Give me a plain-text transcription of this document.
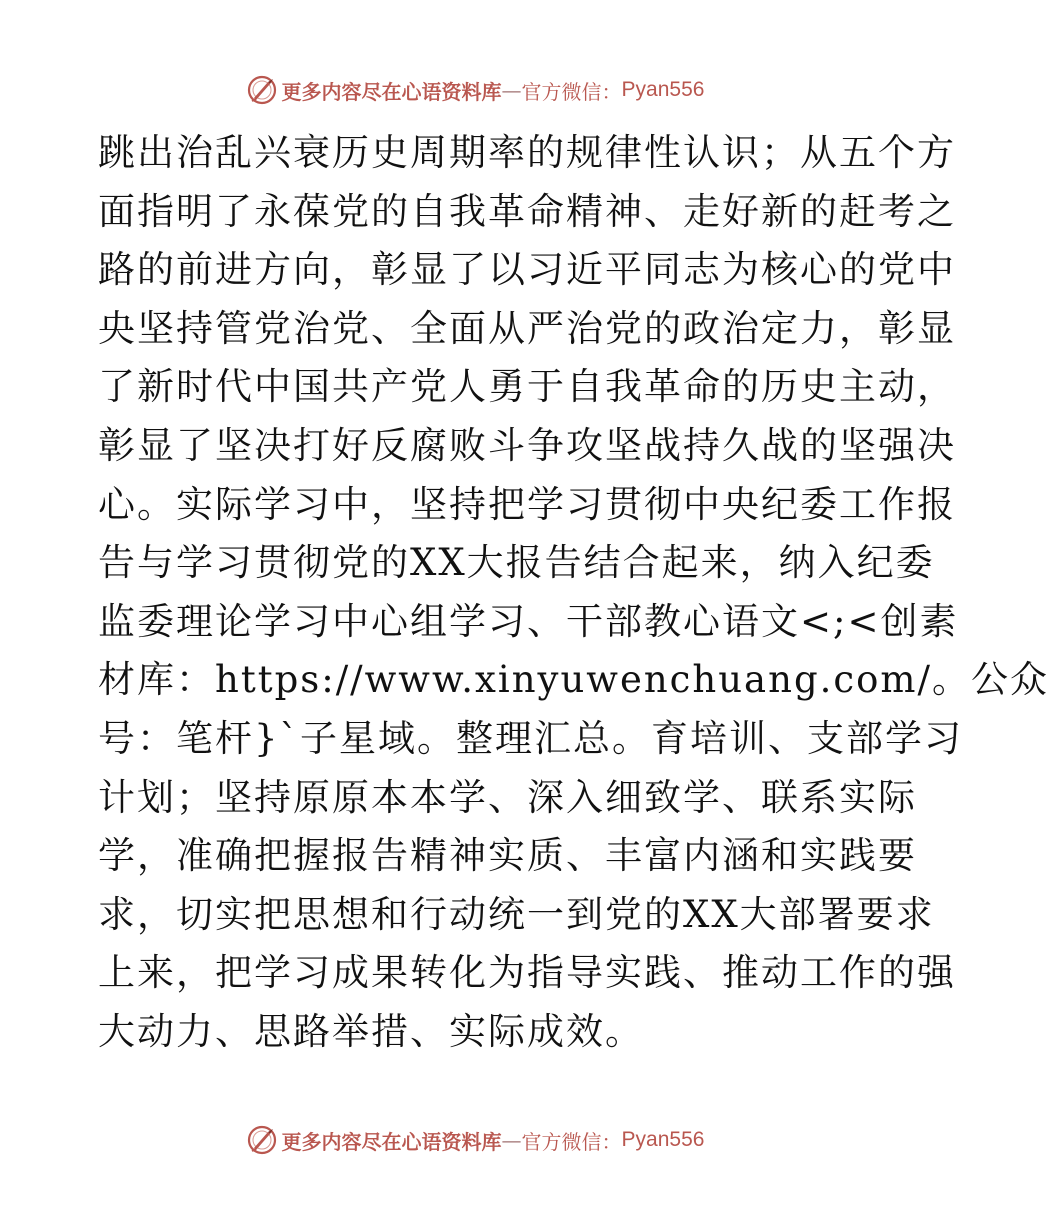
更多内容尽在心语资料库 — 官方微信： Pyan556
跳出治乱兴衰历史周期率的规律性认识；从五个方
面指明了永葆党的自我革命精神、走好新的赶考之
路的前进方向，彰显了以习近平同志为核心的党中
央坚持管党治党、全面从严治党的政治定力，彰显
了新时代中国共产党人勇于自我革命的历史主动，
彰显了坚决打好反腐败斗争攻坚战持久战的坚强决
心。实际学习中，坚持把学习贯彻中央纪委工作报
告与学习贯彻党的XX大报告结合起来，纳入纪委
监委理论学习中心组学习、干部教心语文<;<创素
材库：https://www.xinyuwenchuang.com/。公众
号：笔杆}`子星域。整理汇总。育培训、支部学习
计划；坚持原原本本学、深入细致学、联系实际
学，准确把握报告精神实质、丰富内涵和实践要
求，切实把思想和行动统一到党的XX大部署要求
上来，把学习成果转化为指导实践、推动工作的强
大动力、思路举措、实际成效。
更多内容尽在心语资料库 — 官方微信： Pyan556
